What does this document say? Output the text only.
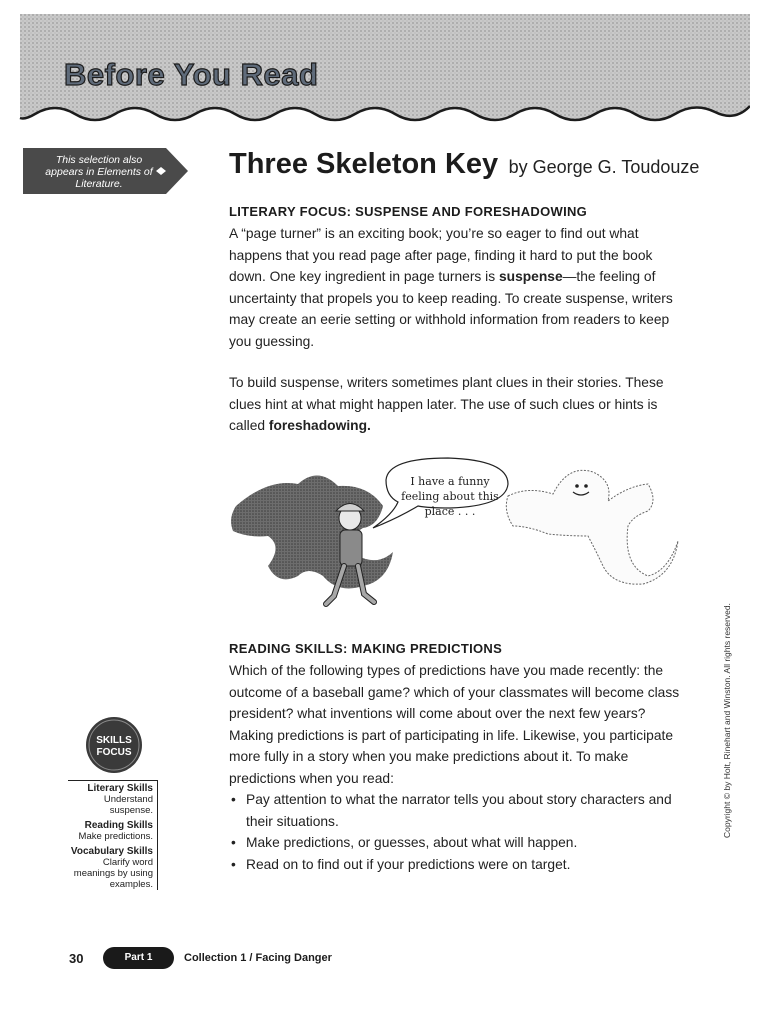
Before You Read
This selection also appears in Elements of Literature.
Three Skeleton Key by George G. Toudouze
LITERARY FOCUS: SUSPENSE AND FORESHADOWING
A “page turner” is an exciting book; you’re so eager to find out what happens that you read page after page, finding it hard to put the book down. One key ingredient in page turners is suspense—the feeling of uncertainty that propels you to keep reading. To create suspense, writers may create an eerie setting or withhold information from readers to keep you guessing.
To build suspense, writers sometimes plant clues in their stories. These clues hint at what might happen later. The use of such clues or hints is called foreshadowing.
I have a funny feeling about this place . . .
READING SKILLS: MAKING PREDICTIONS
Which of the following types of predictions have you made recently: the outcome of a baseball game? which of your classmates will become class president? what inventions will come about over the next few years? Making predictions is part of participating in life. Likewise, you participate more fully in a story when you make predictions about it. To make predictions when you read:
• Pay attention to what the narrator tells you about story characters and their situations.
• Make predictions, or guesses, about what will happen.
• Read on to find out if your predictions were on target.
SKILLS
FOCUS
Literary Skills
Understand suspense.
Reading Skills
Make predictions.
Vocabulary Skills
Clarify word meanings by using examples.
Copyright © by Holt, Rinehart and Winston. All rights reserved.
30	Part 1	Collection 1 / Facing Danger
